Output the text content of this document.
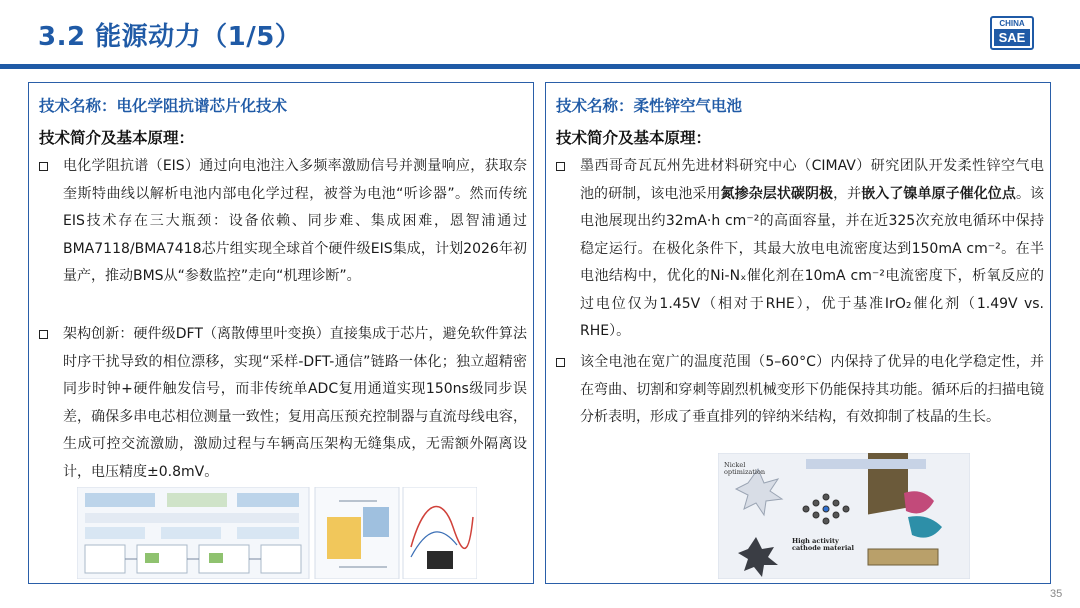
3.2 能源动力（1/5）	CHINA
SAE
技术名称：电化学阻抗谱芯片化技术
技术简介及基本原理：
电化学阻抗谱（EIS）通过向电池注入多频率激励信号并测量响应，获取奈奎斯特曲线以解析电池内部电化学过程，被誉为电池“听诊器”。然而传统EIS技术存在三大瓶颈：设备依赖、同步难、集成困难，恩智浦通过BMA7118/BMA7418芯片组实现全球首个硬件级EIS集成，计划2026年初量产，推动BMS从“参数监控”走向“机理诊断”。
架构创新：硬件级DFT（离散傅里叶变换）直接集成于芯片，避免软件算法时序干扰导致的相位漂移，实现“采样-DFT-通信”链路一体化；独立超精密同步时钟+硬件触发信号，而非传统单ADC复用通道实现150ns级同步误差，确保多串电芯相位测量一致性；复用高压预充控制器与直流母线电容，生成可控交流激励，激励过程与车辆高压架构无缝集成，无需额外隔离设计，电压精度±0.8mV。
技术名称：柔性锌空气电池
技术简介及基本原理：
墨西哥奇瓦瓦州先进材料研究中心（CIMAV）研究团队开发柔性锌空气电池的研制，该电池采用氮掺杂层状碳阴极，并嵌入了镍单原子催化位点。该电池展现出约32mA·h cm⁻²的高面容量，并在近325次充放电循环中保持稳定运行。在极化条件下，其最大放电电流密度达到150mA cm⁻²。在半电池结构中，优化的Ni-Nₓ催化剂在10mA cm⁻²电流密度下，析氧反应的过电位仅为1.45V（相对于RHE），优于基准IrO₂催化剂（1.49V vs. RHE）。
该全电池在宽广的温度范围（5–60°C）内保持了优异的电化学稳定性，并在弯曲、切割和穿刺等剧烈机械变形下仍能保持其功能。循环后的扫描电镜分析表明，形成了垂直排列的锌纳米结构，有效抑制了枝晶的生长。
Nickel optimization
High activity cathode material
35
